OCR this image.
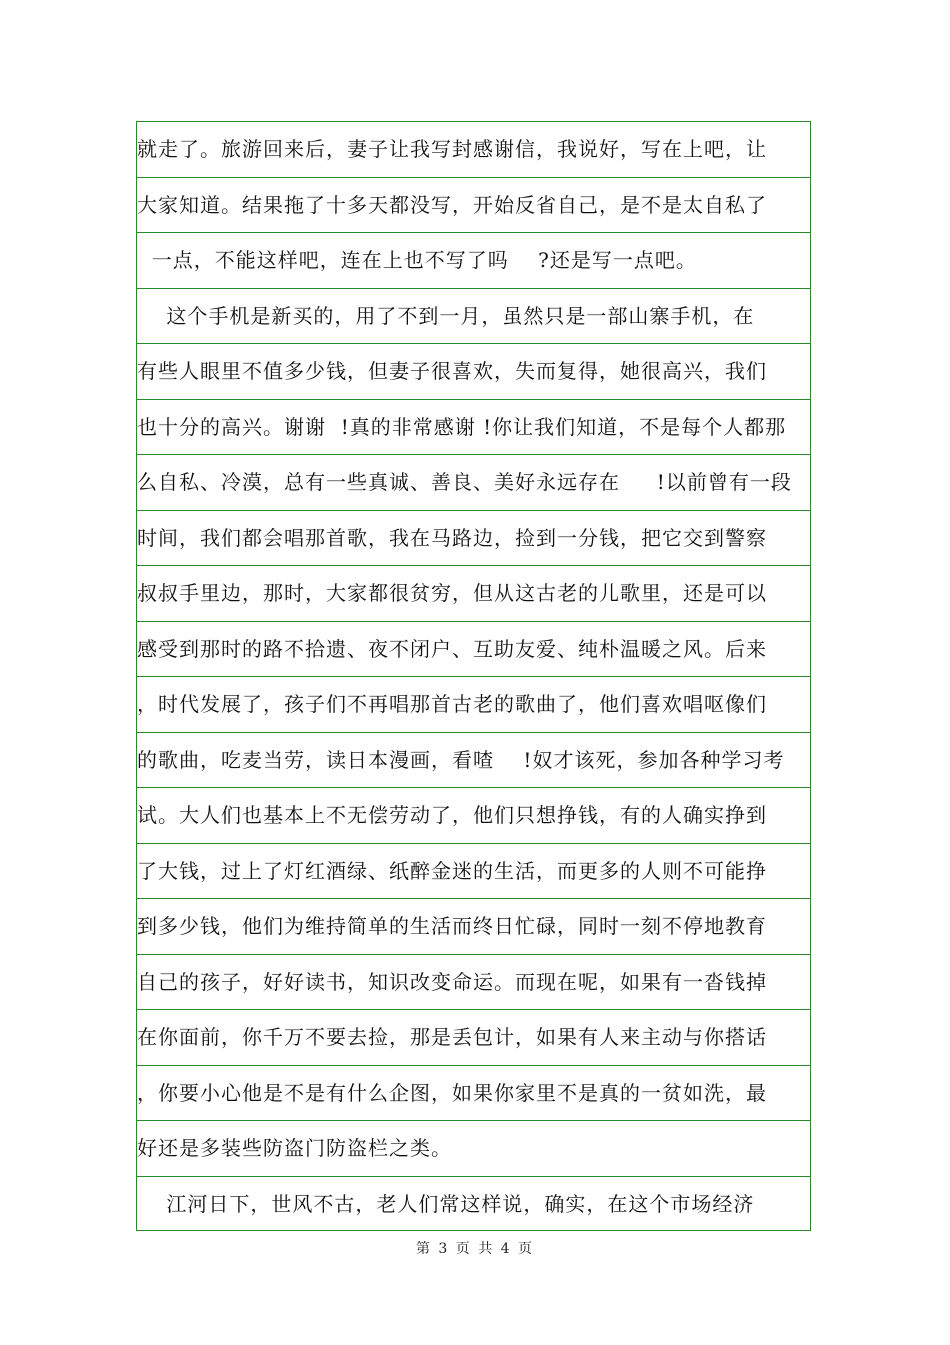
就走了。旅游回来后，妻子让我写封感谢信，我说好，写在上吧，让
大家知道。结果拖了十多天都没写，开始反省自己，是不是太自私了
一点，不能这样吧，连在上也不写了吗    ?还是写一点吧。
这个手机是新买的，用了不到一月，虽然只是一部山寨手机，在
有些人眼里不值多少钱，但妻子很喜欢，失而复得，她很高兴，我们
也十分的高兴。谢谢  !真的非常感谢 !你让我们知道，不是每个人都那
么自私、冷漠，总有一些真诚、善良、美好永远存在     !以前曾有一段
时间，我们都会唱那首歌，我在马路边，捡到一分钱，把它交到警察
叔叔手里边，那时，大家都很贫穷，但从这古老的儿歌里，还是可以
感受到那时的路不拾遗、夜不闭户、互助友爱、纯朴温暖之风。后来
，时代发展了，孩子们不再唱那首古老的歌曲了，他们喜欢唱呕像们
的歌曲，吃麦当劳，读日本漫画，看喳    !奴才该死，参加各种学习考
试。大人们也基本上不无偿劳动了，他们只想挣钱，有的人确实挣到
了大钱，过上了灯红酒绿、纸醉金迷的生活，而更多的人则不可能挣
到多少钱，他们为维持简单的生活而终日忙碌，同时一刻不停地教育
自己的孩子，好好读书，知识改变命运。而现在呢，如果有一沓钱掉
在你面前，你千万不要去捡，那是丢包计，如果有人来主动与你搭话
，你要小心他是不是有什么企图，如果你家里不是真的一贫如洗，最
好还是多装些防盗门防盗栏之类。
江河日下，世风不古，老人们常这样说，确实，在这个市场经济
第 3 页 共 4 页
